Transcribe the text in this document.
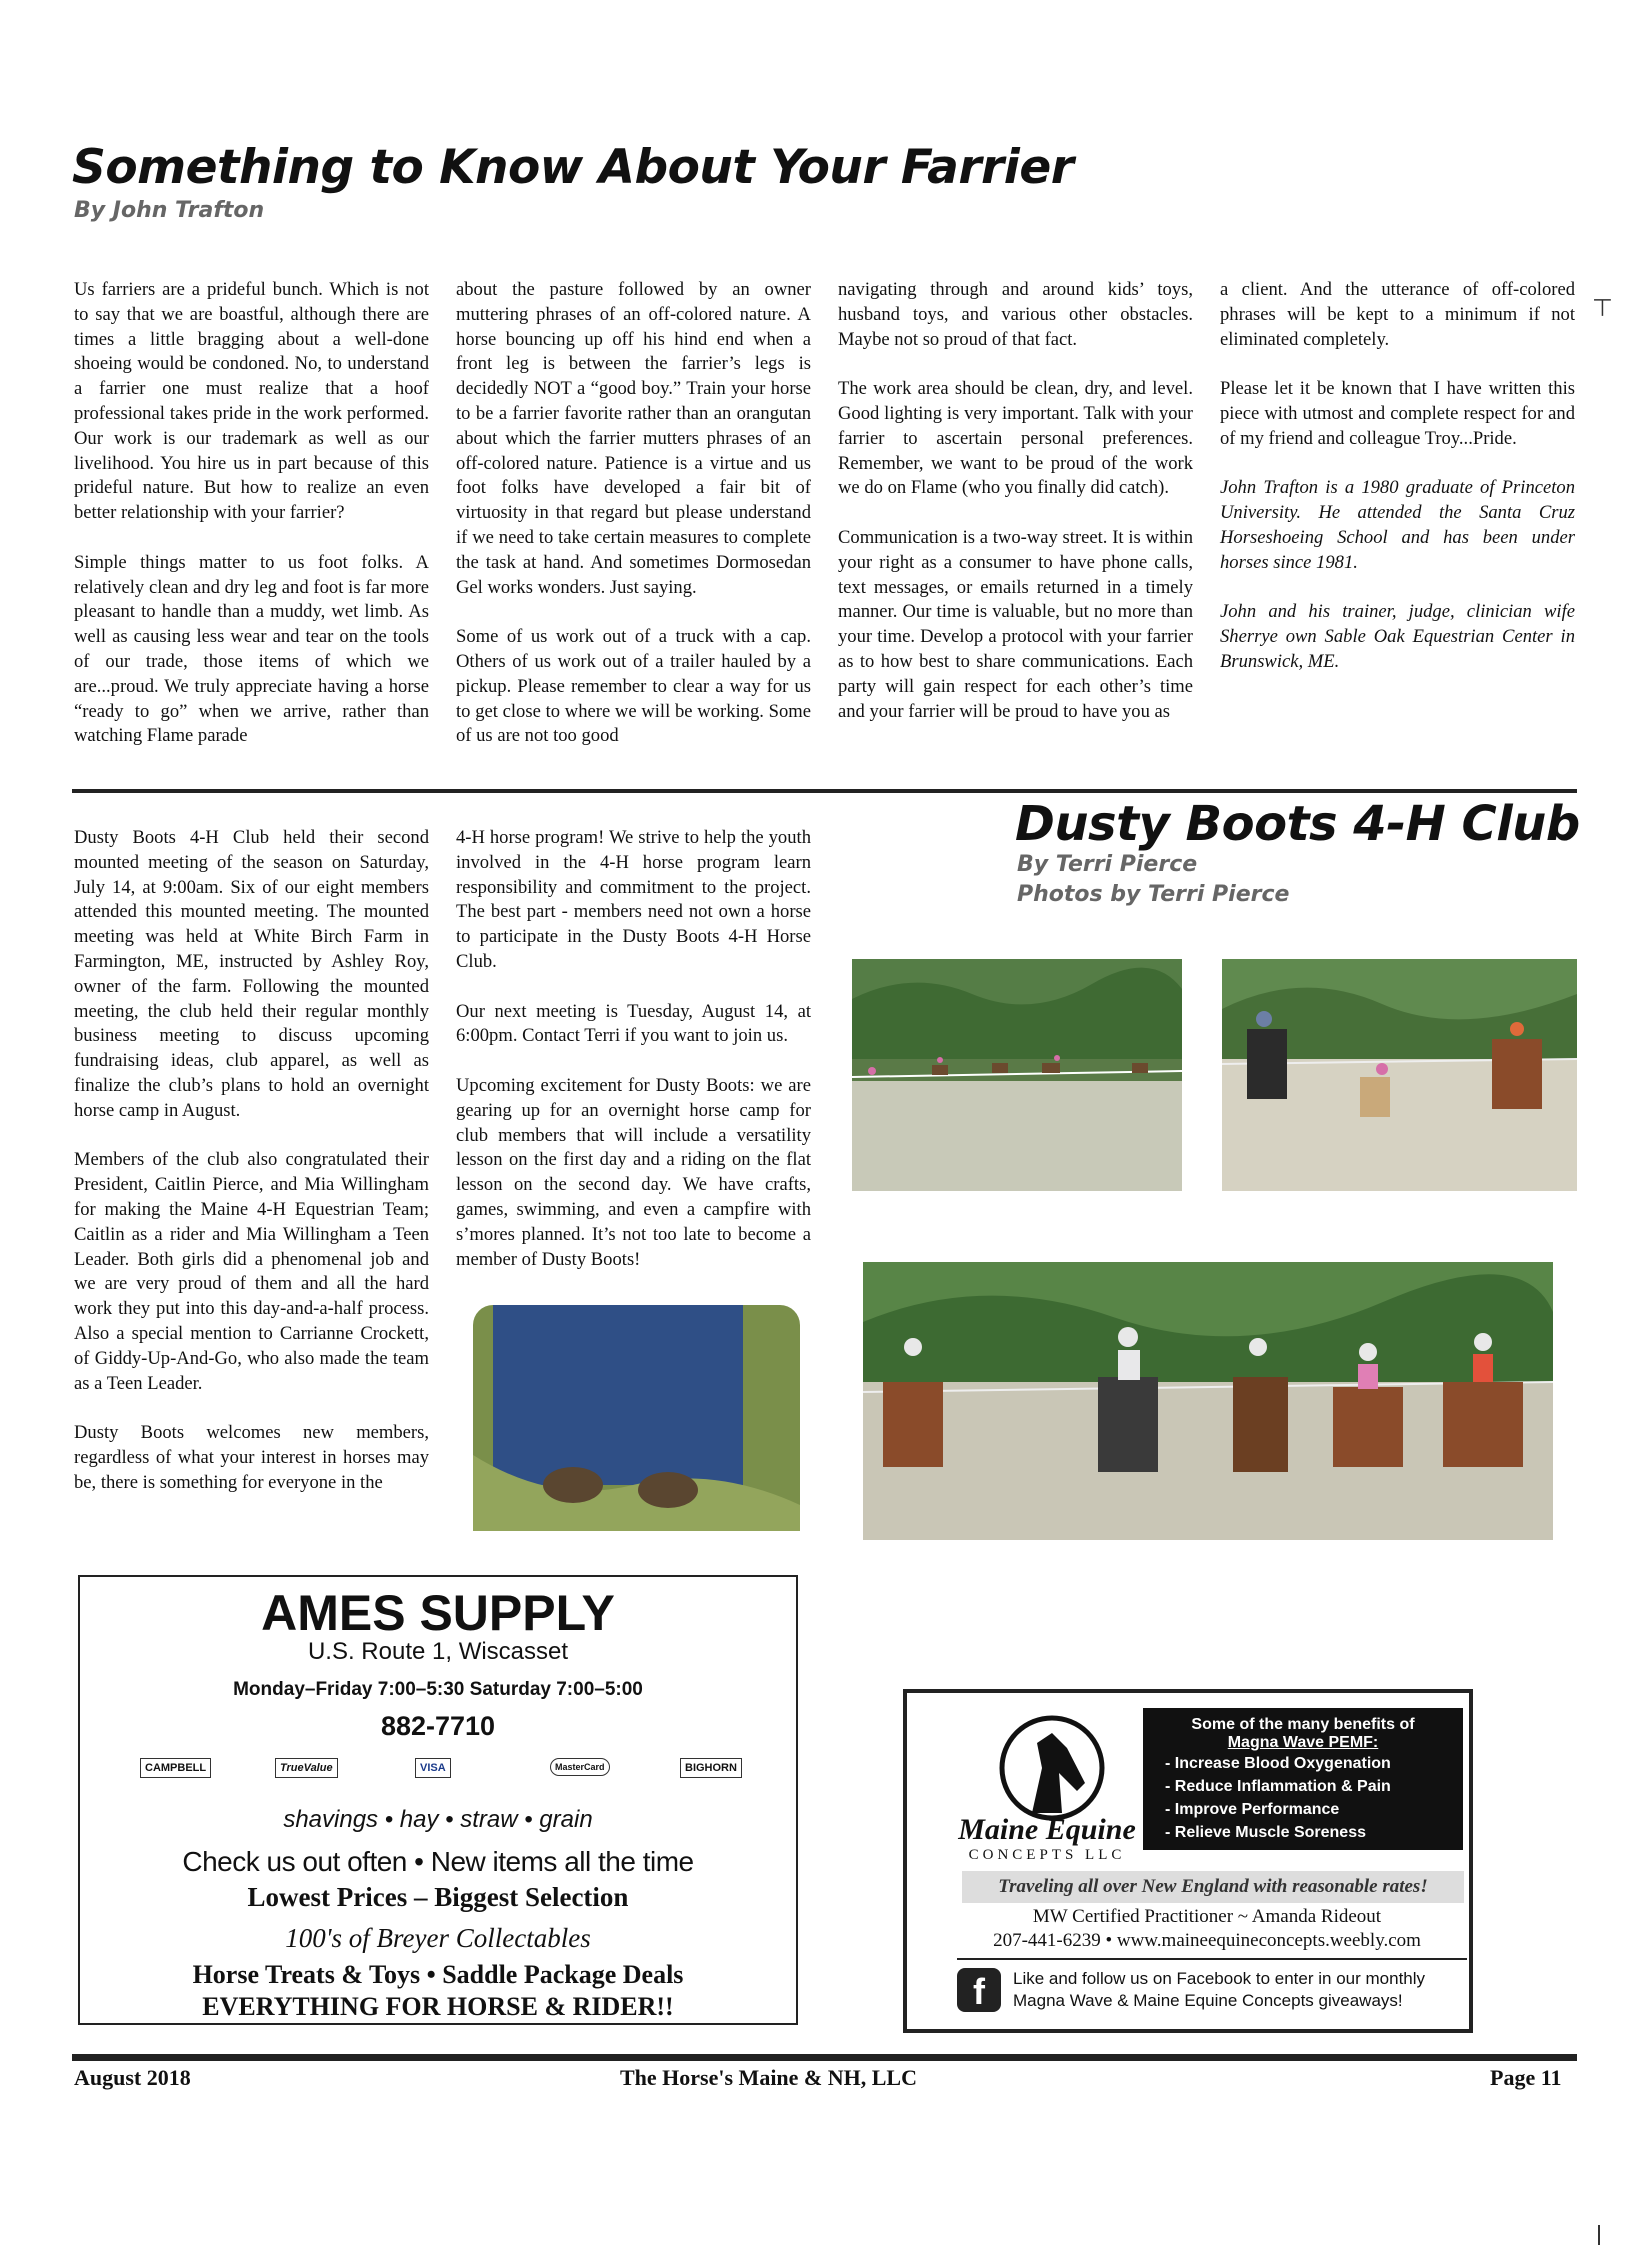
Something to Know About Your Farrier
By John Trafton
⊤

Us farriers are a prideful bunch. Which is not to say that we are boastful, although there are times a little bragging about a well-done shoeing would be condoned. No, to understand a farrier one must realize that a hoof professional takes pride in the work performed. Our work is our trademark as well as our livelihood. You hire us in part because of this prideful nature. But how to realize an even better relationship with your farrier?

Simple things matter to us foot folks. A relatively clean and dry leg and foot is far more pleasant to handle than a muddy, wet limb. As well as causing less wear and tear on the tools of our trade, those items of which we are...proud. We truly appreciate having a horse “ready to go” when we arrive, rather than watching Flame parade

about the pasture followed by an owner muttering phrases of an off-colored nature. A horse bouncing up off his hind end when a front leg is between the farrier’s legs is decidedly NOT a “good boy.” Train your horse to be a farrier favorite rather than an orangutan about which the farrier mutters phrases of an off-colored nature. Patience is a virtue and us foot folks have developed a fair bit of virtuosity in that regard but please understand if we need to take certain measures to complete the task at hand. And sometimes Dormosedan Gel works wonders. Just saying.

Some of us work out of a truck with a cap. Others of us work out of a trailer hauled by a pickup. Please remember to clear a way for us to get close to where we will be working. Some of us are not too good

navigating through and around kids’ toys, husband toys, and various other obstacles. Maybe not so proud of that fact.

The work area should be clean, dry, and level. Good lighting is very important. Talk with your farrier to ascertain personal preferences. Remember, we want to be proud of the work we do on Flame (who you finally did catch).

Communication is a two-way street. It is within your right as a consumer to have phone calls, text messages, or emails returned in a timely manner. Our time is valuable, but no more than your time. Develop a protocol with your farrier as to how best to share communications. Each party will gain respect for each other’s time and your farrier will be proud to have you as

a client. And the utterance of off-colored phrases will be kept to a minimum if not eliminated completely.

Please let it be known that I have written this piece with utmost and complete respect for and of my friend and colleague Troy...Pride.

John Trafton is a 1980 graduate of Princeton University. He attended the Santa Cruz Horseshoeing School and has been under horses since 1981.

John and his trainer, judge, clinician wife Sherrye own Sable Oak Equestrian Center in Brunswick, ME.

Dusty Boots 4-H Club held their second mounted meeting of the season on Saturday, July 14, at 9:00am. Six of our eight members attended this mounted meeting. The mounted meeting was held at White Birch Farm in Farmington, ME, instructed by Ashley Roy, owner of the farm. Following the mounted meeting, the club held their regular monthly business meeting to discuss upcoming fundraising ideas, club apparel, as well as finalize the club’s plans to hold an overnight horse camp in August.

Members of the club also congratulated their President, Caitlin Pierce, and Mia Willingham for making the Maine 4-H Equestrian Team; Caitlin as a rider and Mia Willingham a Teen Leader. Both girls did a phenomenal job and we are very proud of them and all the hard work they put into this day-and-a-half process. Also a special mention to Carrianne Crockett, of Giddy-Up-And-Go, who also made the team as a Teen Leader.

Dusty Boots welcomes new members, regardless of what your interest in horses may be, there is something for everyone in the

4-H horse program! We strive to help the youth involved in the 4-H horse program learn responsibility and commitment to the project. The best part - members need not own a horse to participate in the Dusty Boots 4-H Horse Club.

Our next meeting is Tuesday, August 14, at 6:00pm. Contact Terri if you want to join us.

Upcoming excitement for Dusty Boots: we are gearing up for an overnight horse camp for club members that will include a versatility lesson on the first day and a riding on the flat lesson on the second day. We have crafts, games, swimming, and even a campfire with s’mores planned. It’s not too late to become a member of Dusty Boots!

Dusty Boots 4-H Club
By Terri Pierce
Photos by Terri Pierce
AMES SUPPLY
U.S. Route 1, Wiscasset
Monday–Friday 7:00–5:30 Saturday 7:00–5:00
882-7710
CAMPBELL	TrueValue	VISA	MasterCard	BIGHORN
shavings • hay • straw • grain
Check us out often • New items all the time
Lowest Prices – Biggest Selection
100's of Breyer Collectables
Horse Treats & Toys • Saddle Package Deals
EVERYTHING FOR HORSE & RIDER!!
Maine Equine
CONCEPTS LLC
Some of the many benefits of
Magna Wave PEMF:
- Increase Blood Oxygenation
- Reduce Inflammation & Pain
- Improve Performance
- Relieve Muscle Soreness
Traveling all over New England with reasonable rates!
MW Certified Practitioner ~ Amanda Rideout
207-441-6239 • www.maineequineconcepts.weebly.com
f	Like and follow us on Facebook to enter in our monthly
Magna Wave & Maine Equine Concepts giveaways!
August 2018	The Horse's Maine & NH, LLC	Page 11
